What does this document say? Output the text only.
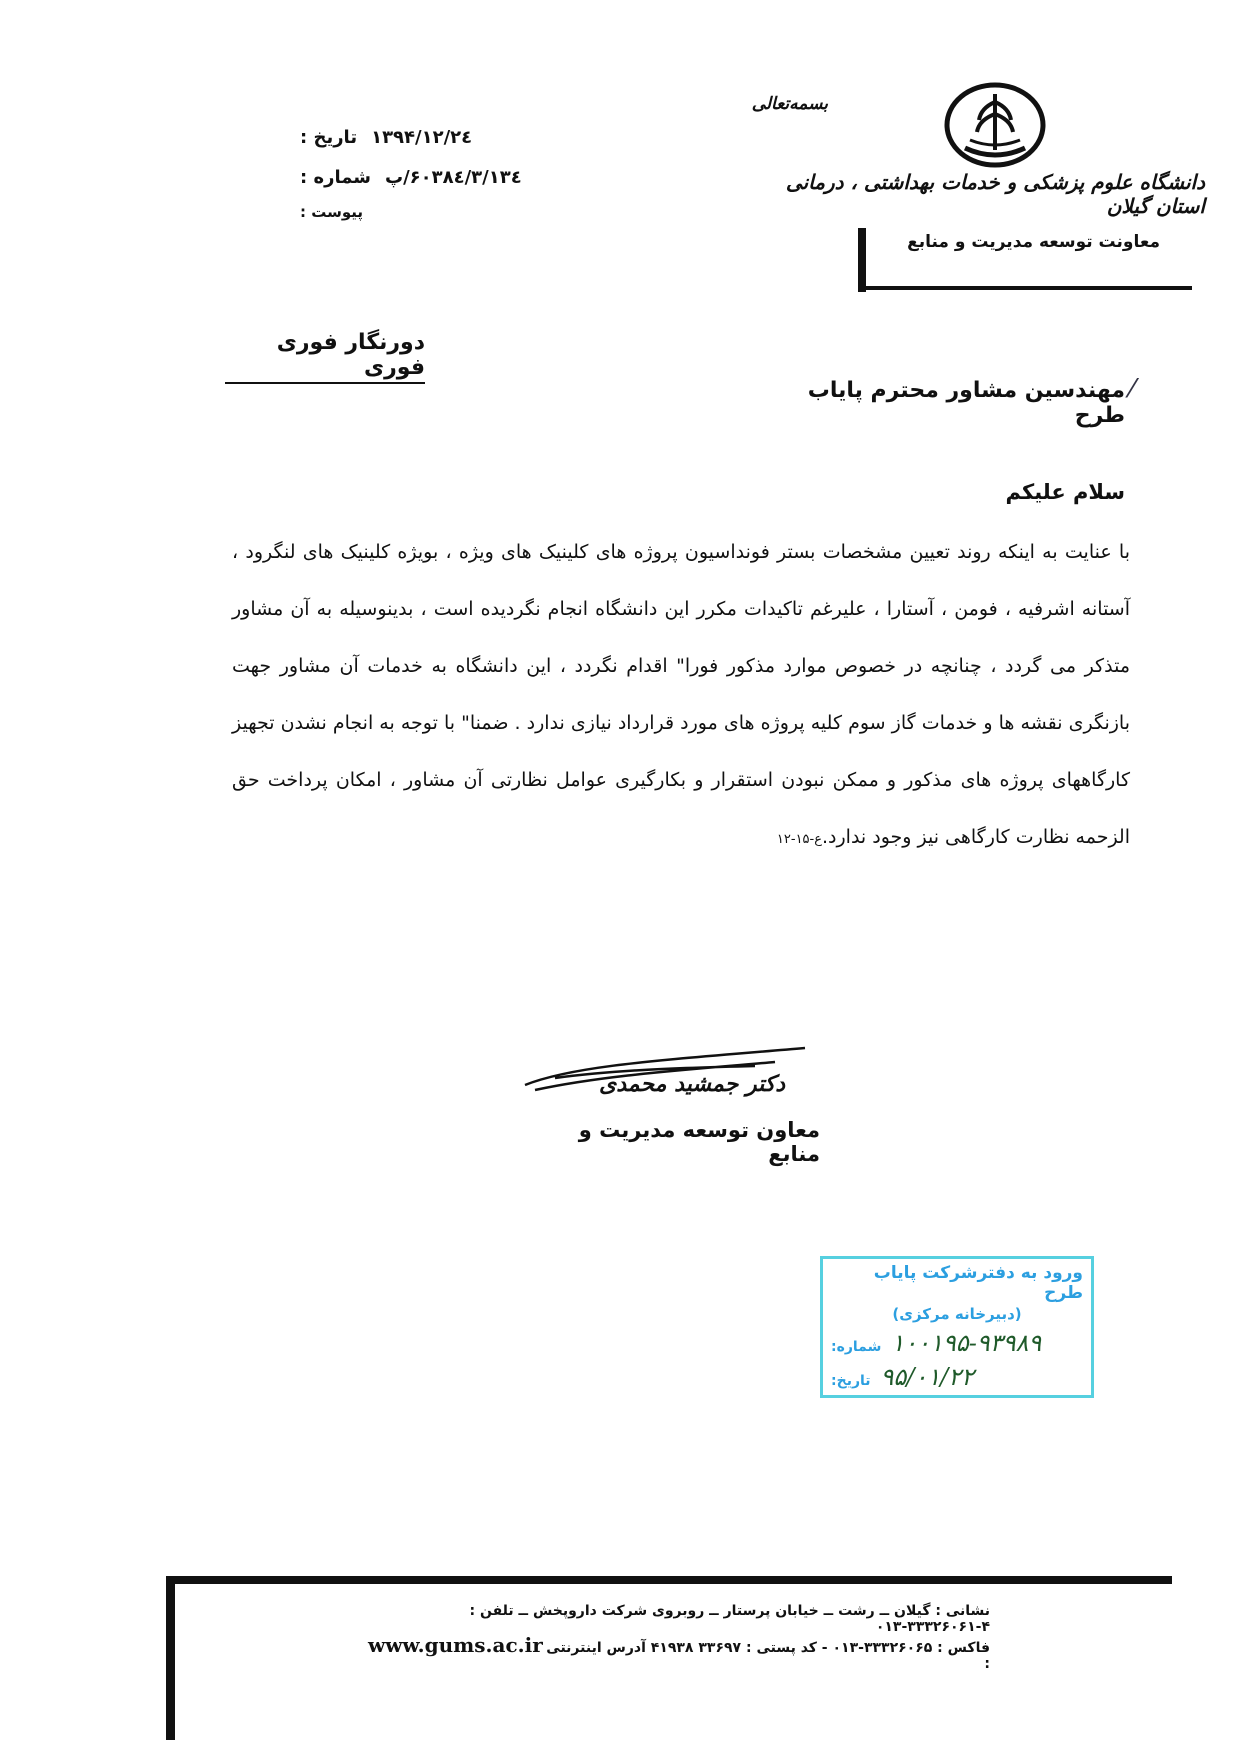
بسمه‌تعالی
دانشگاه علوم پزشکی و خدمات بهداشتی ، درمانی استان گیلان
معاونت توسعه مدیریت و منابع
تاریخ : ۱۳۹۴/۱۲/۲٤
شماره : ۳/۱۳٤/۶۰۳۸٤/پ
پیوست :
دورنگار فوری فوری
⁄
مهندسین مشاور محترم پایاب طرح
سلام علیکم
با عنایت به اینکه روند تعیین مشخصات بستر فونداسیون پروژه های کلینیک های ویژه ، بویژه کلینیک های لنگرود ، آستانه اشرفیه ، فومن ، آستارا ، علیرغم تاکیدات مکرر این دانشگاه انجام نگردیده است ، بدینوسیله به آن مشاور متذکر می گردد ، چنانچه در خصوص موارد مذکور فورا" اقدام نگردد ، این دانشگاه به خدمات آن مشاور جهت بازنگری نقشه ها و خدمات گاز سوم کلیه پروژه های مورد قرارداد نیازی ندارد . ضمنا" با توجه به انجام نشدن تجهیز کارگاههای پروژه های مذکور و ممکن نبودن استقرار و بکارگیری عوامل نظارتی آن مشاور ، امکان پرداخت حق الزحمه نظارت کارگاهی نیز وجود ندارد.ع-۱۵-۱۲
دکتر جمشید محمدی
معاون توسعه مدیریت و منابع
ورود به دفترشرکت پایاب طرح
(دبیرخانه مرکزی)
شماره: ۱۰۰۱۹۵-۹۳۹۸۹
تاریخ: ۹۵/۰۱/۲۲
نشانی : گیلان ــ رشت ــ خیابان پرستار ــ روبروی شرکت داروپخش ــ تلفن : ۴-۳۳۳۲۶۰۶۱-۰۱۳
فاکس : ۳۳۳۲۶۰۶۵-۰۱۳ - کد پستی : ۳۳۶۹۷ ۴۱۹۳۸ آدرس اینترنتی :
www.gums.ac.ir
